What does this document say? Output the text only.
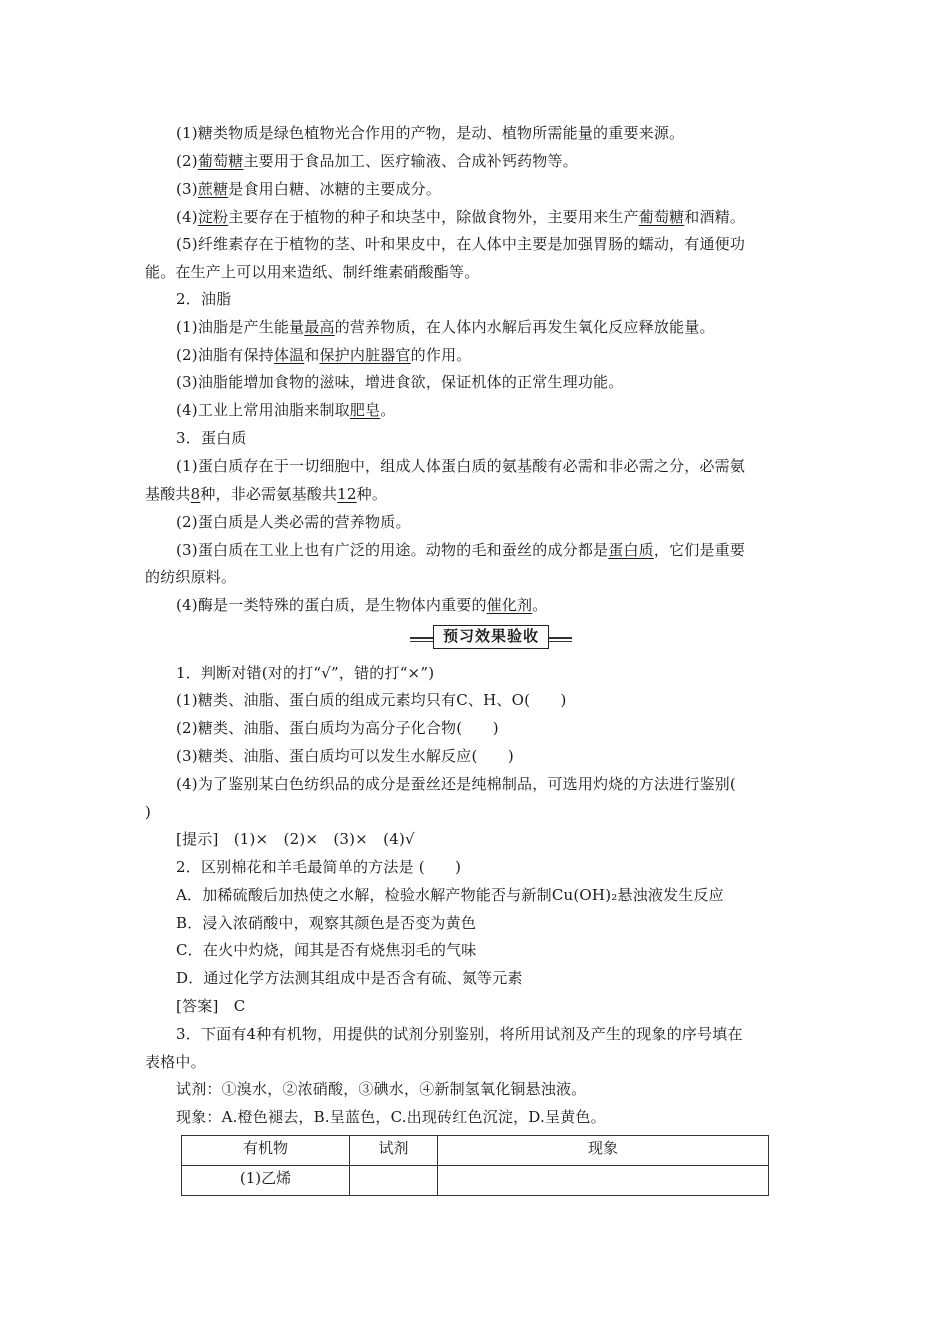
(1)糖类物质是绿色植物光合作用的产物，是动、植物所需能量的重要来源。
(2)葡萄糖主要用于食品加工、医疗输液、合成补钙药物等。
(3)蔗糖是食用白糖、冰糖的主要成分。
(4)淀粉主要存在于植物的种子和块茎中，除做食物外，主要用来生产葡萄糖和酒精。
(5)纤维素存在于植物的茎、叶和果皮中，在人体中主要是加强胃肠的蠕动，有通便功
能。在生产上可以用来造纸、制纤维素硝酸酯等。
2．油脂
(1)油脂是产生能量最高的营养物质，在人体内水解后再发生氧化反应释放能量。
(2)油脂有保持体温和保护内脏器官的作用。
(3)油脂能增加食物的滋味，增进食欲，保证机体的正常生理功能。
(4)工业上常用油脂来制取肥皂。
3．蛋白质
(1)蛋白质存在于一切细胞中，组成人体蛋白质的氨基酸有必需和非必需之分，必需氨
基酸共8种，非必需氨基酸共12种。
(2)蛋白质是人类必需的营养物质。
(3)蛋白质在工业上也有广泛的用途。动物的毛和蚕丝的成分都是蛋白质，它们是重要
的纺织原料。
(4)酶是一类特殊的蛋白质，是生物体内重要的催化剂。
预习效果验收
1．判断对错(对的打“√”，错的打“×”)
(1)糖类、油脂、蛋白质的组成元素均只有C、H、O(　　)
(2)糖类、油脂、蛋白质均为高分子化合物(　　)
(3)糖类、油脂、蛋白质均可以发生水解反应(　　)
(4)为了鉴别某白色纺织品的成分是蚕丝还是纯棉制品，可选用灼烧的方法进行鉴别(
)
[提示]　(1)×　(2)×　(3)×　(4)√
2．区别棉花和羊毛最简单的方法是 (　　)
A．加稀硫酸后加热使之水解，检验水解产物能否与新制Cu(OH)₂悬浊液发生反应
B．浸入浓硝酸中，观察其颜色是否变为黄色
C．在火中灼烧，闻其是否有烧焦羽毛的气味
D．通过化学方法测其组成中是否含有硫、氮等元素
[答案]　C
3．下面有4种有机物，用提供的试剂分别鉴别，将所用试剂及产生的现象的序号填在
表格中。
试剂：①溴水，②浓硝酸，③碘水，④新制氢氧化铜悬浊液。
现象：A.橙色褪去，B.呈蓝色，C.出现砖红色沉淀，D.呈黄色。
有机物	试剂	现象
(1)乙烯		
